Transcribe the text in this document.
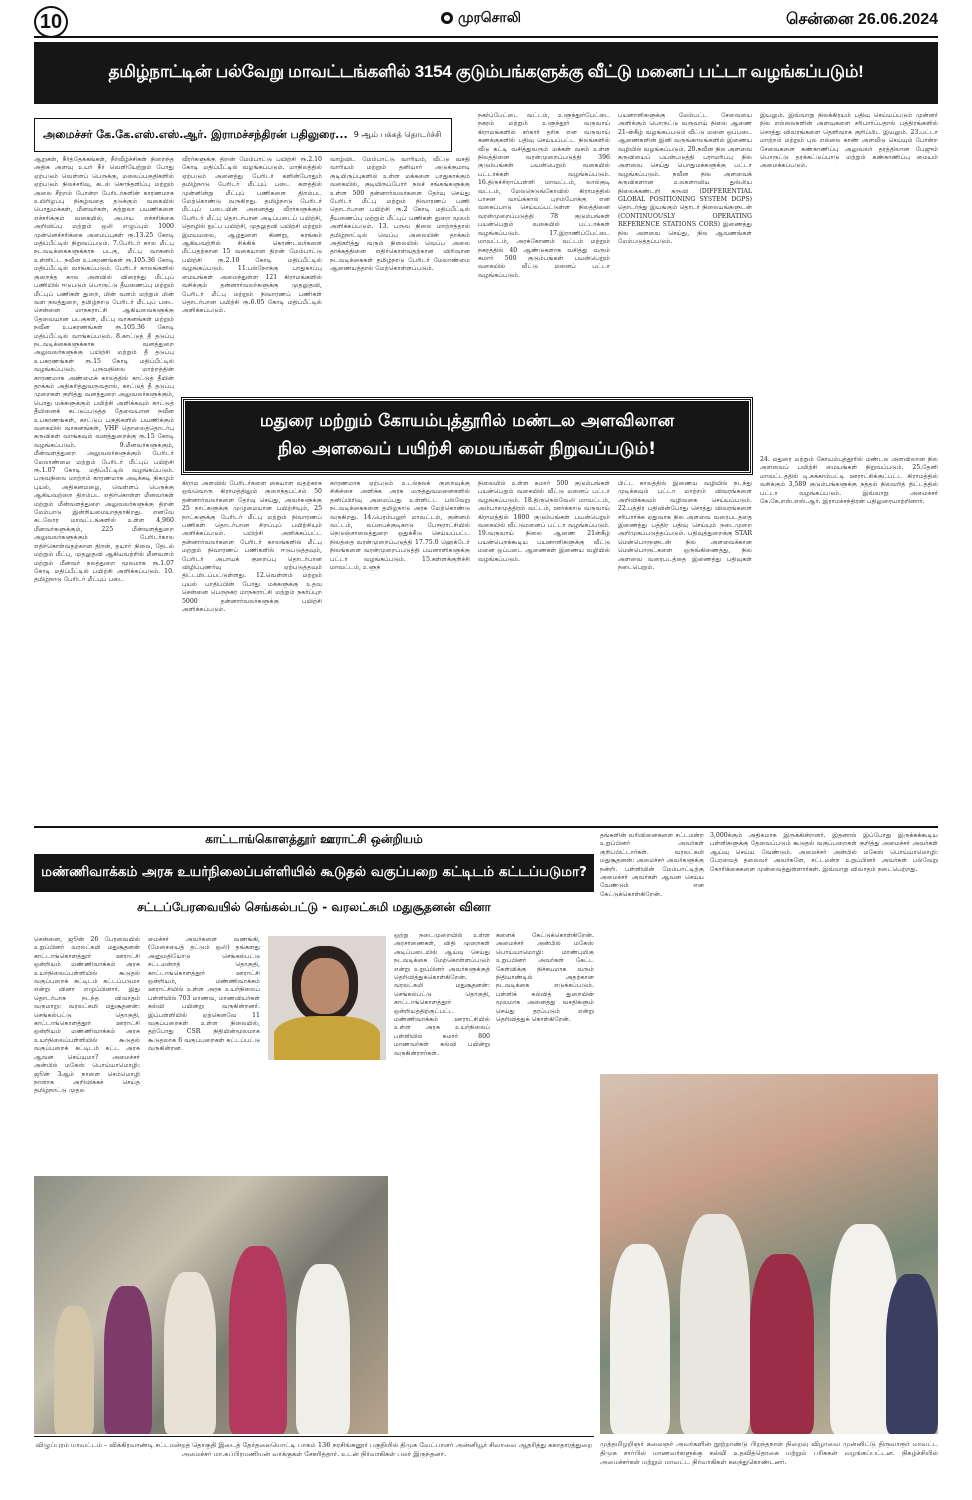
10	முரசொலி	சென்னை 26.06.2024
தமிழ்நாட்டின் பல்வேறு மாவட்டங்களில் 3154 குடும்பங்களுக்கு வீட்டு மனைப் பட்டா வழங்கப்படும்!
அமைச்சர் கே.கே.எஸ்.எஸ்.ஆர். இராமச்சந்திரன் பதிலுரை... 9 ஆம் பக்கத் தொடர்ச்சி
ஆறுகள், நீர்த்தேக்கங்கள், நீர்வீழ்ச்சிகள் நிறைந்த அதிக அளவு உயர் நீர் வெளியேற்றும் போது ஏற்படும் வெள்ளப் பெருக்கு, மலைப்பகுதிகளில் ஏற்படும் நிலச்சரிவு, கடல் கொந்தளிப்பு மற்றும் அலை சீற்றம் போன்ற பேரிடர்களின் காரணமாக உயிரிழப்பு நிகழ்வதை தடுக்கும் வகையில் பொதுமக்கள், மீனவர்கள், சுற்றுலா பயணிகளை எச்சரிக்கும் வகையில், அபாய எச்சரிக்கை அறிவிப்பு மற்றும் ஒலி எழுப்பும் 1000 முன்னெச்சரிக்கை அமைப்புகள் ரூ.13.25 கோடி மதிப்பீட்டில் நிறுவப்படும். 7.பேரிடர் கால மீட்பு நடவடிக்கைகளுக்காக படகு, மீட்பு வாகனம் உள்ளிட்ட நவீன உபகரணங்கள் ரூ.105.36 கோடி மதிப்பீட்டில் வாங்கப்படும். பேரிடர் காலங்களில் குறைந்த கால அளவில் விரைந்து மீட்புப் பணியில் ஈடுபடும் பொருட்டு தீயணைப்பு மற்றும் மீட்புப் பணிகள் துறை, மின் வளம் மற்றும் மின் வள நலத்துறை, தமிழ்நாடு பேரிடர் மீட்புப் படை சென்னை மாநகராட்சி ஆகியவைகளுக்கு தேவையான படகுகள், மீட்பு வாகனங்கள் மற்றும் நவீன உபகரணங்கள் ரூ.105.36 கோடி மதிப்பீட்டில் வாங்கப்படும். 8.காட்டுத் தீ தடுப்பு நடவடிக்கைகளுக்காக வனத்துறை அலுவலர்களுக்கு பயிற்சி மற்றும் தீ தடுப்பு உபகரணங்கள் ரூ.15 கோடி மதிப்பீட்டில் வழங்கப்படும். பருவநிலை மாற்றத்தின் காரணமாக அண்மைக் காலத்தில் காட்டுத் தீயின் தாக்கம் அதிகரித்துவருவதால், காட்டுத் தீ தடுப்பு முறைகள் குறித்து வனத்துறை அலுவலர்களுக்கும், பொது மக்களுக்கும் பயிற்சி அளிக்கவும் காட்டுத் தீயினைக் கட்டுப்படுத்த தேவையான நவீன உபகரணங்கள், காட்டுப் பகுதிகளில் பயணிக்கும் வகையில் வாகனங்கள், VHF தொலைத்தொடர்பு கருவிகள் வாங்கவும் வனத்துறைக்கு ரூ.15 கோடி வழங்கப்படும். 9.மீனவர்களுக்கும், மீன்வளத்துறை அலுவலர்களுக்கும் பேரிடர் மேலாண்மை மற்றும் பேரிடர் மீட்புப் பயிற்சி ரூ.1.07 கோடி மதிப்பீட்டில் வழங்கப்படும். பருவநிலை மாற்றம் காரணமாக அடிக்கடி நிகழும் புயல், அதிகனமழை, வெள்ளப் பெருக்கு ஆகியவற்றை திறம்பட எதிர்கொள்ள மீனவர்கள் மற்றும் மீன்வளத்துறை அலுவலர்களுக்கு திறன் மேம்பாடு இன்றியமையாததாகிறது. எனவே கடலோர மாவட்டங்களில் உள்ள 4,960 மீனவர்களுக்கும், 225 மீன்வளத்துறை அலுவலர்களுக்கும் பேரிடர்கால எதிர்கொள்வதற்கான திறன், தயார் நிலை, தேடல் மற்றும் மீட்பு, முதலுதவி ஆகியவற்றில் மீனவளம் மற்றும் மீனவர் நலத்துறை மூலமாக ரூ.1.07 கோடி மதிப்பீட்டில் பயிற்சி அளிக்கப்படும். 10. தமிழ்நாடு பேரிடர் மீட்புப் படை
வீரர்களுக்கு திறன் மேம்பாட்டு பயிற்சி ரூ.2.10 கோடி மதிப்பீட்டில் வழங்கப்படும். மாநிலத்தில் ஏற்படும் அனைத்து பேரிடர் களின்போதும் தமிழ்நாடு பேரிடர் மீட்புப் படை களத்தில் முன்னின்று மீட்புப் பணிகளை திறம்பட மேற்கொண்டு வருகிறது. தமிழ்நாடு பேரிடர் மீட்புப் படையின் அனைத்து வீரர்களுக்கும் பேரிடர் மீட்பு தொடர்பான அடிப்படைப் பயிற்சி, தொழில் நுட்ப பயிற்சி, முதலுதவி பயிற்சி மற்றும் இமயமலை, ஆழ்துளை கிணறு, கரங்கம் ஆகியவற்றில் சிக்கிக் கொண்டவர்களை மீட்பதற்கான 15 வகையான திறன் மேம்பாட்டு பயிற்சி ரூ.2.10 கோடி மதிப்பீட்டில் வழங்கப்படும். 11.பல்நோக்கு பாதுகாப்பு மையங்கள் அமைந்துள்ள 121 கிராமங்களில் வசிக்கும் தன்னார்வலர்களுக்கு முதலுதவி, பேரிடர் மீட்பு மற்றும் நிவாரணப் பணிகள் தொடர்பான பயிற்சி ரூ.6.05 கோடி மதிப்பீட்டில் அளிக்கப்படும்.
வாழ்விட மேம்பாட்டு வாரியம், வீட்டு வசதி வாரியம் மற்றும் தனியார் அடுக்குமாடி குடியிருப்புகளில் உள்ள மக்களை பாதுகாக்கும் வகையில், குடியிருப்போர் நலச் சங்கங்களுக்கு உள்ள 500 தன்னார்வலர்களை தேர்வு செய்து பேரிடர் மீட்பு மற்றும் நிவாரணப் பணி தொடர்பான பயிற்சி ரூ.2 கோடி மதிப்பீட்டில் தீயணைப்பு மற்றும் மீட்புப் பணிகள் துறை மூலம் அளிக்கப்படும். 13. பருவ நிலை மாற்றத்தால் தமிழ்நாட்டில் வெப்ப அலையின் தாக்கம் அதிகரித்து வரும் நிலையில் வெப்ப அலை தாக்கத்தினை எதிர்கொள்வதற்கான விரிவான நடவடிக்கைகள் தமிழ்நாடு பேரிடர் மேலாண்மை ஆணையத்தால் மேற்கொள்ளப்படும்.
நகர்ப்பேட்டை வட்டம், உளுந்தூர்பேட்டை நகரம் மற்றும் உளுந்தூர் வருவாய் கிராமங்களில் சர்கார் தரிசு என வருவாய் கணக்குகளில் பதிவு செய்யப்பட்ட நிலங்களில் வீடு கட்டி வசித்துவரும் மக்கள் வசம் உள்ள நிலத்தினை வரன்முறைப்படுத்தி 396 குடும்பங்கள் பயன்பெறும் வகையில் பட்டாக்கள் வழங்கப்படும். 16.திருச்சிராப்பள்ளி மாவட்டம், லால்குடி வட்டம், மேலநெடுங்கோவில் கிராமத்தில் பாசன வாய்க்கால் புறம்போக்கு என வகைப்பாடு செய்யப்பட்டுள்ள நிலத்தினை வரன்முறைப்படுத்தி 78 குடும்பங்கள் பயன்பெறும் வகையில் பட்டாக்கள் வழங்கப்படும். 17.இராணிப்பேட்டை மாவட்டம், அரக்கோணம் வட்டம் மற்றும் நகரத்தில் 40 ஆண்டுகளாக வசித்து வரும் சுமார் 500 குடும்பங்கள் பயன்பெறும் வகையில் வீட்டு மனைப் பட்டா வழங்கப்படும்.
பயனாளிகளுக்கு மேம்பட்ட சேவையை அளிக்கும் பொருட்டு வருவாய் நிலை ஆணை 21-ன்கீழ் வழங்கப்படும் வீட்டு மனை ஒப்படை ஆணைகளின் இனி வருங்காலங்களில் இணைய வழியில் வழங்கப்படும். 20.நவீன நில அளவை கருவியைப் பயன்படுத்தி பராமரிப்பு நில அளவை செய்து பொதுமக்களுக்கு பட்டா வழங்கப்படும். நவீன நில அளவைக் கருவிகளான உலகளாவிய துல்லிய நிலைக்கண்டறி கருவி (DIFFERENTIAL GLOBAL POSITIONING SYSTEM DGPS) தொடர்ந்து இயங்கும் தொடர் நிலையங்களுடன் (CONTINUOUSLY OPERATING REFERENCE STATIONS CORS) இணைத்து நில அளவை செய்து, நில ஆவணங்கள் மேம்படுத்தப்படும்.
இயலும். இவ்வாறு நிலக்கிரயம் பதிவு செய்யப்படும் முன்னர் நில எல்லைகளின் அளவுகளை சரிபார்ப்பதால் பத்திரங்களில் சொத்து விவரங்களை தெளிவாக குறிப்பிட இயலும். 23.பட்டா மாற்றம் மற்றும் புல எல்லை காண் அளவீடு செய்யும் போன்ற சேவைகளை கண்காணிப்பு அலுவலர் தரத்திலான பேஜும் பொருட்டு தரக்கட்டுப்பாடு மற்றும் கண்காணிப்பு மையம் அமைக்கப்படும்.
மதுரை மற்றும் கோயம்புத்தூரில் மண்டல அளவிலான
நில அளவைப் பயிற்சி மையங்கள் நிறுவப்படும்!
கிராம அளவில் பேரிடர்களை கையாள வதற்காக ஒவ்வொரு கிராமத்திலும் குறைந்தபட்சம் 50 தன்னார்வலர்களை தேர்வு செய்து, அவர்களுக்கு 25 நாட்களுக்கு முழுமையான பயிற்சியும், 25 நாட்களுக்கு பேரிடர் மீட்பு மற்றும் நிவாரணப் பணிகள் தொடர்பான சிறப்புப் பயிற்சியும் அளிக்கப்படும். பயிற்சி அளிக்கப்பட்ட தன்னார்வலர்களை பேரிடர் காலங்களில் மீட்பு மற்றும் நிவாரணப் பணிகளில் ஈடுபடுத்தவும், பேரிடர் அபாயக் குறைப்பு தொடர்பான விழிப்புணர்வு ஏற்படுத்தவும் திட்டமிடப்பட்டுள்ளது. 12.வெள்ளம் மற்றும் புயல் பாதிப்பின் போது மக்களுக்கு உதவ சென்னை பெருநகர மாநகராட்சி மற்றும் நகர்ப்புற 5000 தன்னார்வலர்களுக்கு பயிற்சி அளிக்கப்படும்.
காரணமாக ஏற்படும் உடல்நலக் குறைவுக்கு சிகிச்சை அளிக்க அரசு மருத்துவமனைகளில் தனிப்பிரிவு அமைப்பது உள்ளிட்ட பல்வேறு நடவடிக்கைகளை தமிழ்நாடு அரசு மேற்கொண்டு வருகிறது. 14.பெரம்பலூர் மாவட்டம், குன்னம் வட்டம், லப்பைக்குடிகாடு பேரூராட்சியில் நெடுஞ்சாலைத்துறை ஒதுக்கீடு செய்யப்பட்ட நிலத்தை வரன்முறைப்படுத்தி 17.75.0 ஹெக்டேர் நிலங்களை வரன்முறைப்படுத்தி பயனாளிகளுக்கு பட்டா வழங்கப்படும். 15.கள்ளக்குறிச்சி மாவட்டம், உளுந்
நிலையில் உள்ள சுமார் 500 குடும்பங்கள் பயன்பெறும் வகையில் வீட்டு மனைப் பட்டா வழங்கப்படும். 18.திருநெல்வேலி மாவட்டம், அம்பாசமுத்திரம் வட்டம், ஊர்க்காடு வருவாய் கிராமத்தில் 1800 குடும்பங்கள் பயன்பெறும் வகையில் வீட்டுமனைப் பட்டா வழங்கப்படும். 19.வருவாய் நிலை ஆணை 21ன்கீழ் பயன்பெறக்கூடிய பயனாளிகளுக்கு வீட்டு மனை ஒப்படை ஆணைகள் இணைய வழியில் வழங்கப்படும்.
பிட்ட காலத்தில் இணைய வழியில் நடந்து முடிக்கவும் பட்டா மாற்றம் விவரங்களை அறிவிக்கவும் வழிவகை செய்யப்படும். 22.பத்திர பதிவின்போது சொத்து விவரங்களை சரிபார்க்க ஏதுவாக நில அளவை வரைபடத்தை இணைத்து பத்திர பதிவு செய்யும் நடைமுறை அறிமுகப்படுத்தப்படும். பதிவுத்துறைக்கு STAR மென்பொருளுடன் நில அளவைக்கான மென்பொருட்களை ஒருங்கிணைத்து, நில அளவை வரைபடத்தை இணைத்து பதிவுகள் நடைபெறும்.
24. மதுரை மற்றும் கோயம்புத்தூரில் மண்டல அளவிலான நில அளவைப் பயிற்சி மையங்கள் நிறுவப்படும். 25.தேனி மாவட்டத்தில் டி.சுக்காம்பட்டி ஊராட்சிக்குட்பட்ட கிராமத்தில் வசிக்கும் 3,589 குடும்பங்களுக்கு நத்தம் நிலவரித் திட்டத்தில் பட்டா வழங்கப்படும். இவ்வாறு அமைச்சர் கே.கே.எஸ்.எஸ்.ஆர். இராமச்சந்திரன் பதிலுரையாற்றினார்.
காட்டாங்கொளத்தூர் ஊராட்சி ஒன்றியம்
மண்ணிவாக்கம் அரசு உயர்நிலைப்பள்ளியில் கூடுதல் வகுப்பறை கட்டிடம் கட்டப்படுமா?
சட்டப்பேரவையில் செங்கல்பட்டு - வரலட்சுமி மதுசூதனன் வினா
சென்னை, ஜூன் 26 பேரவையில் உறுப்பினர் வரலட்சுமி மதுசூதனன் காட்டாங்கொளத்தூர் ஊராட்சி ஒன்றியம் மண்ணிவாக்கம் அரசு உயர்நிலைப்பள்ளியில் கூடுதல் வகுப்பறைக் கட்டிடம் கட்டப்படுமா என்று வினா எழுப்பினார். இது தொடர்பாக நடந்த விவாதம் வருமாறு: வரலட்சுமி மதுசூதனன்: செங்கல்பட்டு தொகுதி, காட்டாங்கொளத்தூர் ஊராட்சி ஒன்றியம் மண்ணிவாக்கம் அரசு உயர்நிலைப்பள்ளியில் கூடுதல் வகுப்பறைக் கட்டிடம் கட்ட அரசு ஆவன செய்யுமா? அமைச்சர் அன்பில் மகேஸ் பொய்யாமொழி: ஜூன் 3ஆம் நாளை செம்மொழி நாளாக அறிவிக்கச் செய்த தமிழ்நாட்டு முதல
மைச்சர் அவர்களை வணங்கி, (மேசையைத் தட்டும் ஒலி) தங்களது அனுமதியோடு செங்கல்பட்டு சட்டமன்றத் தொகுதி, காட்டாங்கொளத்தூர் ஊராட்சி ஒன்றியம், மண்ணிவாக்கம் ஊராட்சியில் உள்ள அரசு உயர்நிலைப் பள்ளியில் 703 மாணவ, மாணவியர்கள் கல்வி பயின்று வருகின்றனர். இப்பள்ளியில் ஏற்கெனவே 11 வகுப்பறைகள் உள்ள நிலையில், தற்போது CSR நிதியின்மூலமாக கூடுதலாக 6 வகுப்பறைகள் கட்டப்பட்டு வருகின்றன.
ஒற்று நடைமுறையில் உள்ள அரசாணைகள், விதி முறைகள் அடிப்படையில் ஆய்வு செய்து நடவடிக்கை மேற்கொள்ளப்படும் என்று உறுப்பினர் அவர்களுக்குத் தெரிவித்துக்கொள்கிறேன். வரலட்சுமி மதுசூதனன்: செங்கல்பட்டு தொகுதி, காட்டாங்கொளத்தூர் ஒன்றியத்திற்குட்பட்ட மண்ணிவாக்கம் ஊராட்சியில் உள்ள அரசு உயர்நிலைப் பள்ளியில் சுமார் 800 மாணவர்கள் கல்வி பயின்று வருகின்றார்கள்.
களைக் கேட்டுக்கொள்கிறேன். அமைச்சர் அன்பில் மகேஸ் பொய்யாமொழி: மாண்புமிகு உறுப்பினர் அவர்கள் கேட்ட கேள்விக்கு நிச்சயமாக வரும் நிதியாண்டில் அதற்கான நடவடிக்கை எடுக்கப்படும். பள்ளிக் கல்வித் துறையின் மூலமாக அனைத்து வசதிகளும் செய்து தரப்படும் என்று தெரிவித்துக் கொள்கிறேன்.
தங்களின் வரிவினைகளை சட்டமன்ற உறுப்பினர் அவர்கள் குறிப்பிட்டார்கள். வரலட்சுமி மதுசூதனன்: அமைச்சர் அவர்களுக்கு நன்றி. பள்ளியின் மேம்பாட்டிற்கு அமைச்சர் அவர்கள் ஆவன செய்ய வேண்டும் என கேட்டுக்கொள்கிறேன்.
3,000க்கும் அதிகமாக இருக்கின்றனர். இதனால் இப்போது இருக்கக்கூடிய பள்ளிகளுக்கு தேவைப்படும் கூடுதல் வகுப்பறைகள் குறித்து அமைச்சர் அவர்கள் ஆய்வு செய்ய வேண்டும். அமைச்சர் அன்பில் மகேஸ் பொய்யாமொழி: பேரவைத் தலைவர் அவர்களே, சட்டமன்ற உறுப்பினர் அவர்கள் பல்வேறு கோரிக்கைகளை முன்வைத்துள்ளார்கள். இவ்வாறு விவாதம் நடைபெற்றது.
விழுப்புரம் மாவட்டம் – விக்கிரவாண்டி சட்டமன்றத் தொகுதி இடைத் தேர்தலையொட்டி பாகம் 136 நரசிங்கனூர் பகுதியில் திமுக வேட்பாளர் அன்னியூர் சிவாவை ஆதரித்து சுகாதாரத்துறை அமைச்சர் மா.சுப்பிரமணியன் வாக்குகள் சேகரித்தார். உடன் நிர்வாகிகள் பலர் இருந்தனர்.
முத்தமிழறிஞர் கலைஞர் அவர்களின் நூற்றாண்டு பிறந்தநாள் நிறைவு விழாவை முன்னிட்டு திருவாரூர் மாவட்ட திமுக சார்பில் மாணவர்களுக்கு கல்வி உதவித்தொகை மற்றும் பரிசுகள் வழங்கப்பட்டன. நிகழ்ச்சியில் அமைச்சர்கள் மற்றும் மாவட்ட நிர்வாகிகள் கலந்துகொண்டனர்.
